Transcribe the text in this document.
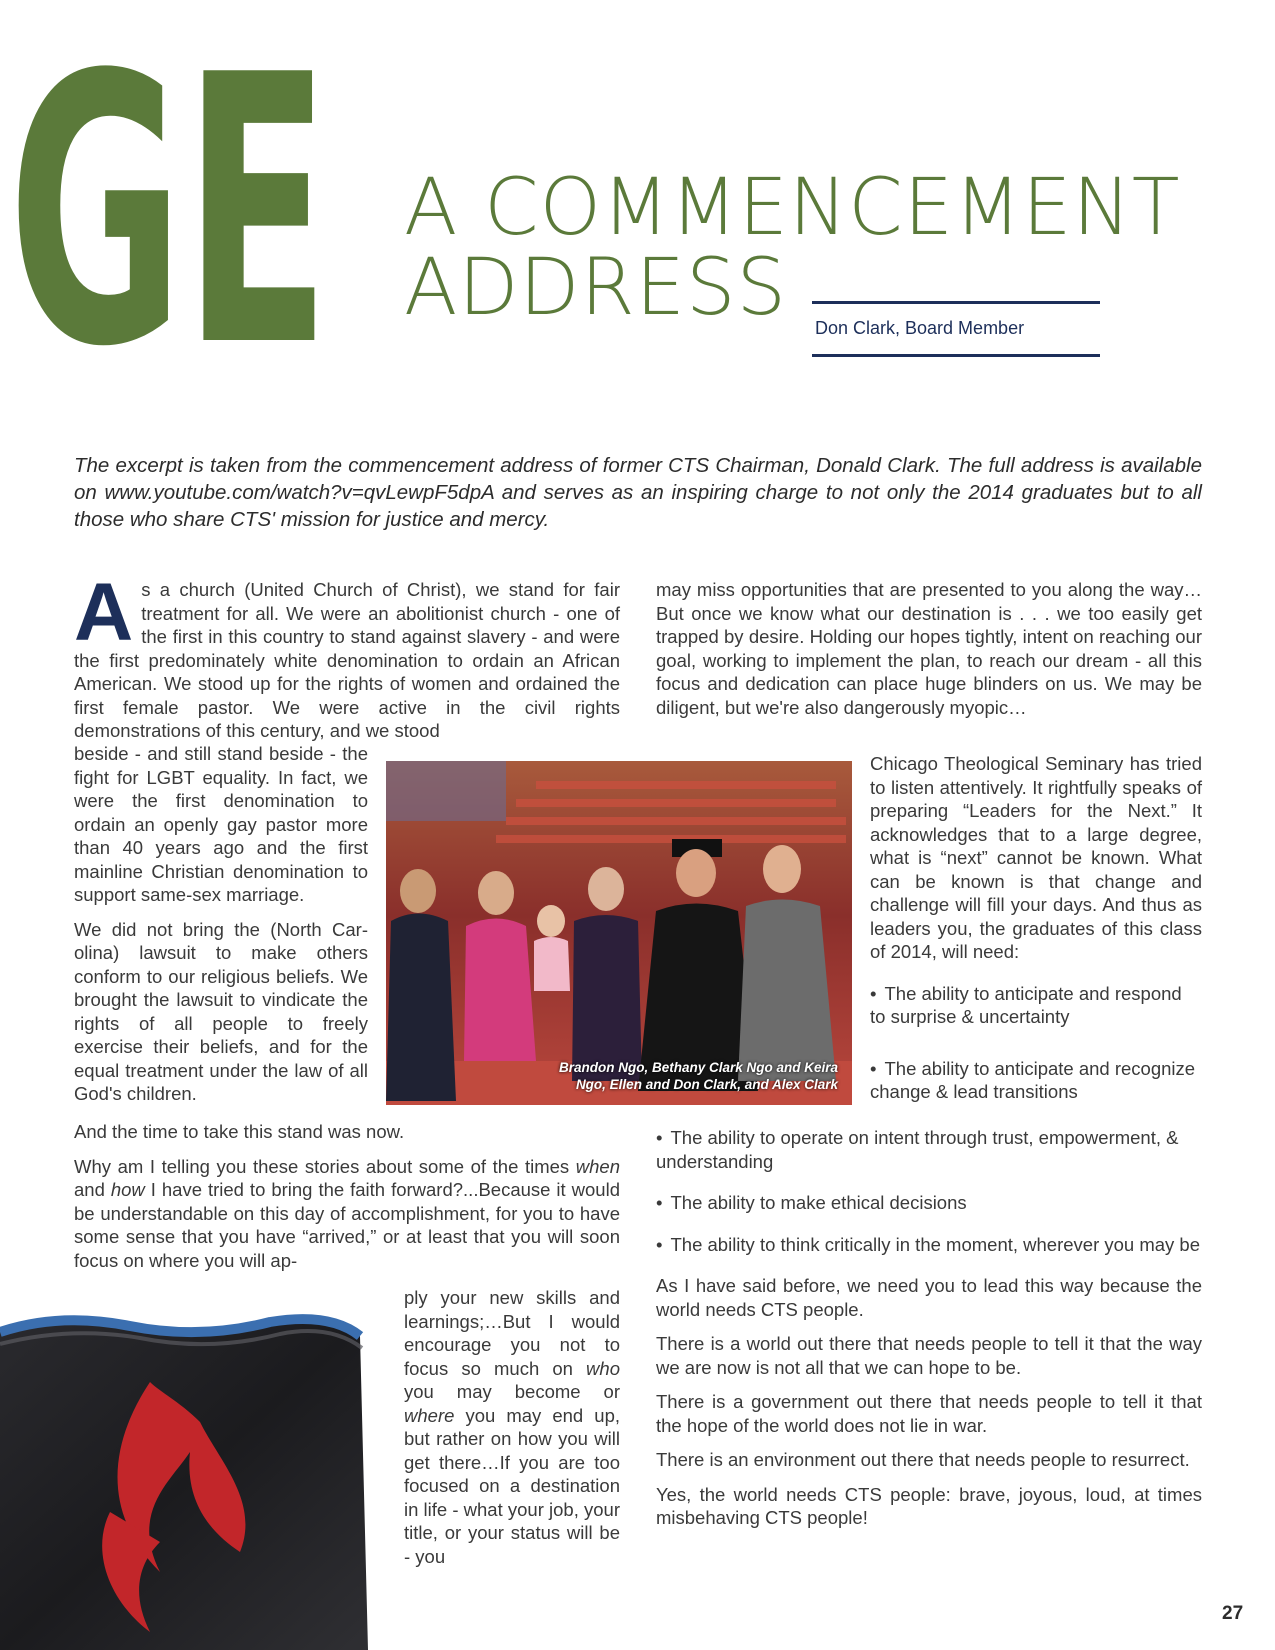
GE A COMMENCEMENT
ADDRESS	Don Clark, Board Member
The excerpt is taken from the commencement address of former CTS Chairman, Donald Clark. The full address is available on www.youtube.com/watch?v=qvLewpF5dpA and serves as an inspiring charge to not only the 2014 graduates but to all those who share CTS' mission for justice and mercy.
As a church (United Church of Christ), we stand for fair treatment for all. We were an abolitionist church - one of the first in this country to stand against slavery - and were the first predominately white denomination to ordain an African American. We stood up for the rights of women and ordained the first female pastor. We were active in the civil rights demonstrations of this century, and we stood

beside - and still stand beside - the fight for LGBT equality. In fact, we were the first denomination to ordain an openly gay pastor more than 40 years ago and the first mainline Christian denomination to support same-sex marriage.

We did not bring the (North Carolina) lawsuit to make others conform to our religious beliefs. We brought the lawsuit to vindicate the rights of all people to freely exercise their beliefs, and for the equal treatment under the law of all God's children.

And the time to take this stand was now.

Why am I telling you these stories about some of the times when and how I have tried to bring the faith forward?...Because it would be understandable on this day of accomplishment, for you to have some sense that you have “arrived,” or at least that you will soon focus on where you will ap-

ply your new skills and learnings;…But I would encourage you not to focus so much on who you may become or where you may end up, but rather on how you will get there…If you are too focused on a destination in life - what your job, your title, or your status will be - you

may miss opportunities that are presented to you along the way…But once we know what our destination is . . . we too easily get trapped by desire. Holding our hopes tightly, intent on reaching our goal, working to implement the plan, to reach our dream - all this focus and dedication can place huge blinders on us. We may be diligent, but we're also dangerously myopic…

Chicago Theological Seminary has tried to listen attentively. It rightfully speaks of preparing “Leaders for the Next.” It acknowledges that to a large degree, what is “next” cannot be known. What can be known is that change and challenge will fill your days. And thus as leaders you, the graduates of this class of 2014, will need:

• The ability to anticipate and respond to surprise & uncertainty
• The ability to anticipate and recognize change & lead transitions
• The ability to operate on intent through trust, empowerment, & understanding
• The ability to make ethical decisions
• The ability to think critically in the moment, wherever you may be

As I have said before, we need you to lead this way because the world needs CTS people.

There is a world out there that needs people to tell it that the way we are now is not all that we can hope to be.

There is a government out there that needs people to tell it that the hope of the world does not lie in war.

There is an environment out there that needs people to resurrect.

Yes, the world needs CTS people: brave, joyous, loud, at times misbehaving CTS people!

Brandon Ngo, Bethany Clark Ngo and Keira Ngo, Ellen and Don Clark, and Alex Clark
27
